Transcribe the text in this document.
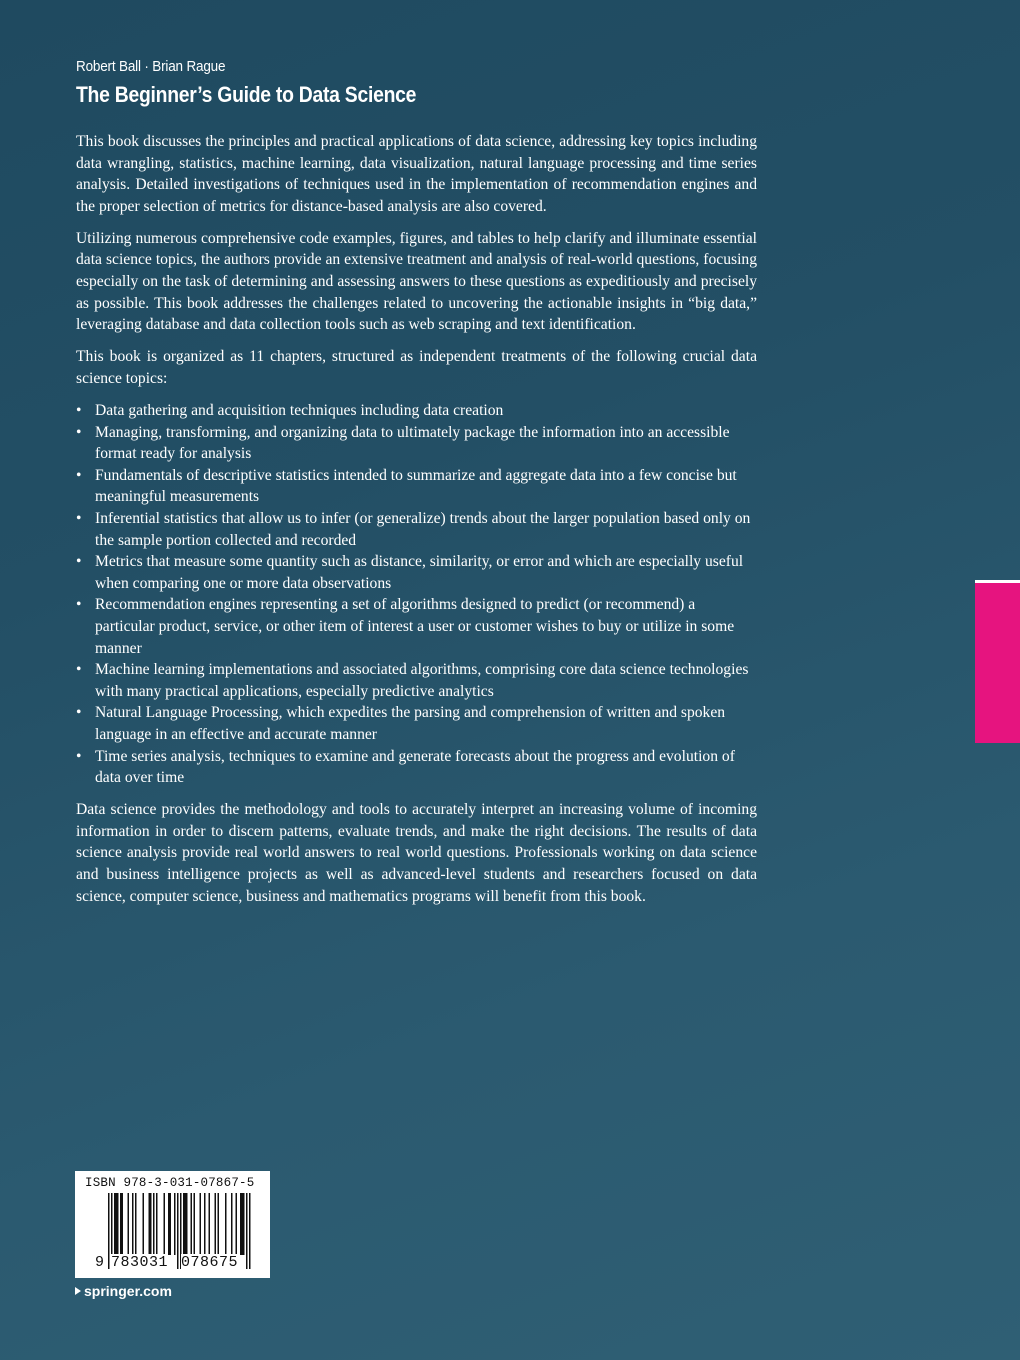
Robert Ball · Brian Rague
The Beginner’s Guide to Data Science

This book discusses the principles and practical applications of data science, addressing key topics including data wrangling, statistics, machine learning, data visualization, natural language processing and time series analysis. Detailed investigations of techniques used in the implementation of recommendation engines and the proper selection of metrics for distance-based analysis are also covered.

Utilizing numerous comprehensive code examples, figures, and tables to help clarify and illuminate essential data science topics, the authors provide an extensive treatment and analysis of real-world questions, focusing especially on the task of determining and assessing answers to these questions as expeditiously and precisely as possible. This book addresses the challenges related to uncovering the actionable insights in “big data,” leveraging database and data collection tools such as web scraping and text identification.

This book is organized as 11 chapters, structured as independent treatments of the following crucial data science topics:

• Data gathering and acquisition techniques including data creation
• Managing, transforming, and organizing data to ultimately package the information into an accessible format ready for analysis
• Fundamentals of descriptive statistics intended to summarize and aggregate data into a few concise but meaningful measurements
• Inferential statistics that allow us to infer (or generalize) trends about the larger population based only on the sample portion collected and recorded
• Metrics that measure some quantity such as distance, similarity, or error and which are especially useful when comparing one or more data observations
• Recommendation engines representing a set of algorithms designed to predict (or recommend) a particular product, service, or other item of interest a user or customer wishes to buy or utilize in some manner
• Machine learning implementations and associated algorithms, comprising core data science technologies with many practical applications, especially predictive analytics
• Natural Language Processing, which expedites the parsing and comprehension of written and spoken language in an effective and accurate manner
• Time series analysis, techniques to examine and generate forecasts about the progress and evolution of data over time

Data science provides the methodology and tools to accurately interpret an increasing volume of incoming information in order to discern patterns, evaluate trends, and make the right decisions. The results of data science analysis provide real world answers to real world questions. Professionals working on data science and business intelligence projects as well as advanced-level students and researchers focused on data science, computer science, business and mathematics programs will benefit from this book.

ISBN 978-3-031-07867-5
9 783031 078675
springer.com
